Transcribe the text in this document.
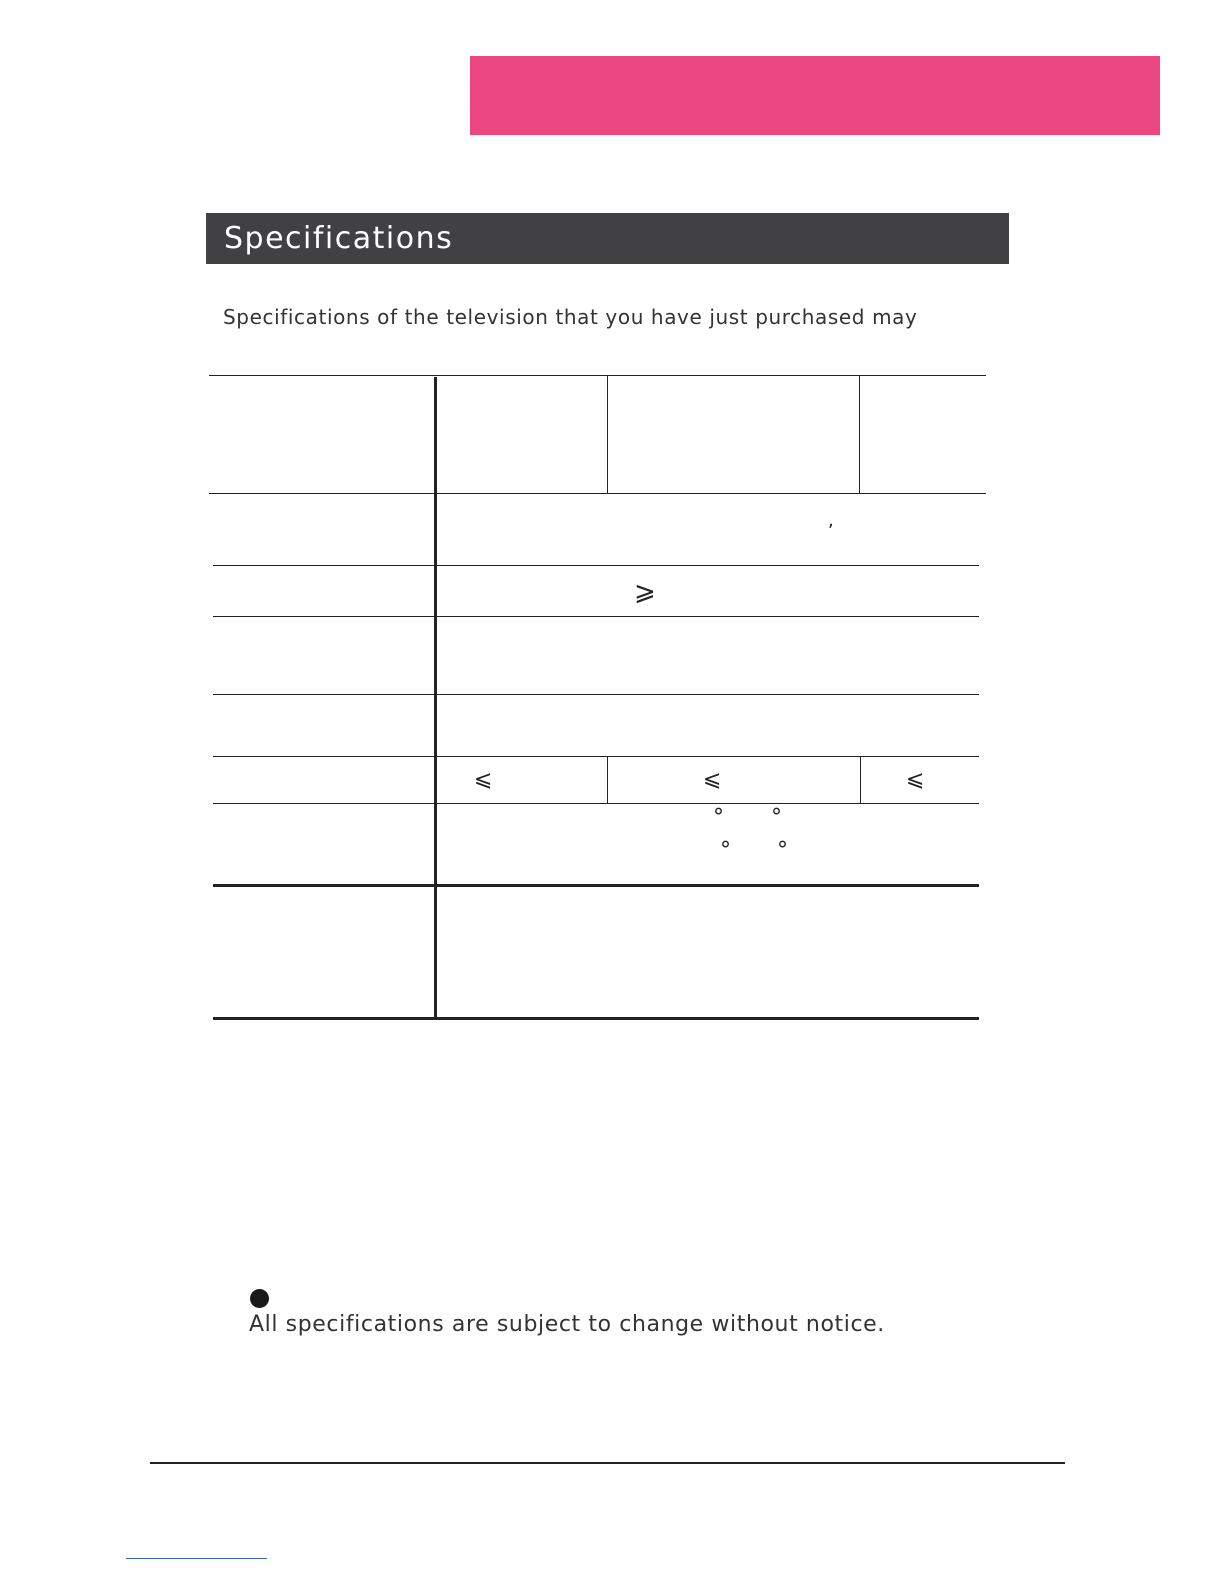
Specifications
Specifications of the television that you have just purchased may
,
⩾
⩽	⩽	⩽
° °
° °
All specifications are subject to change without notice.
